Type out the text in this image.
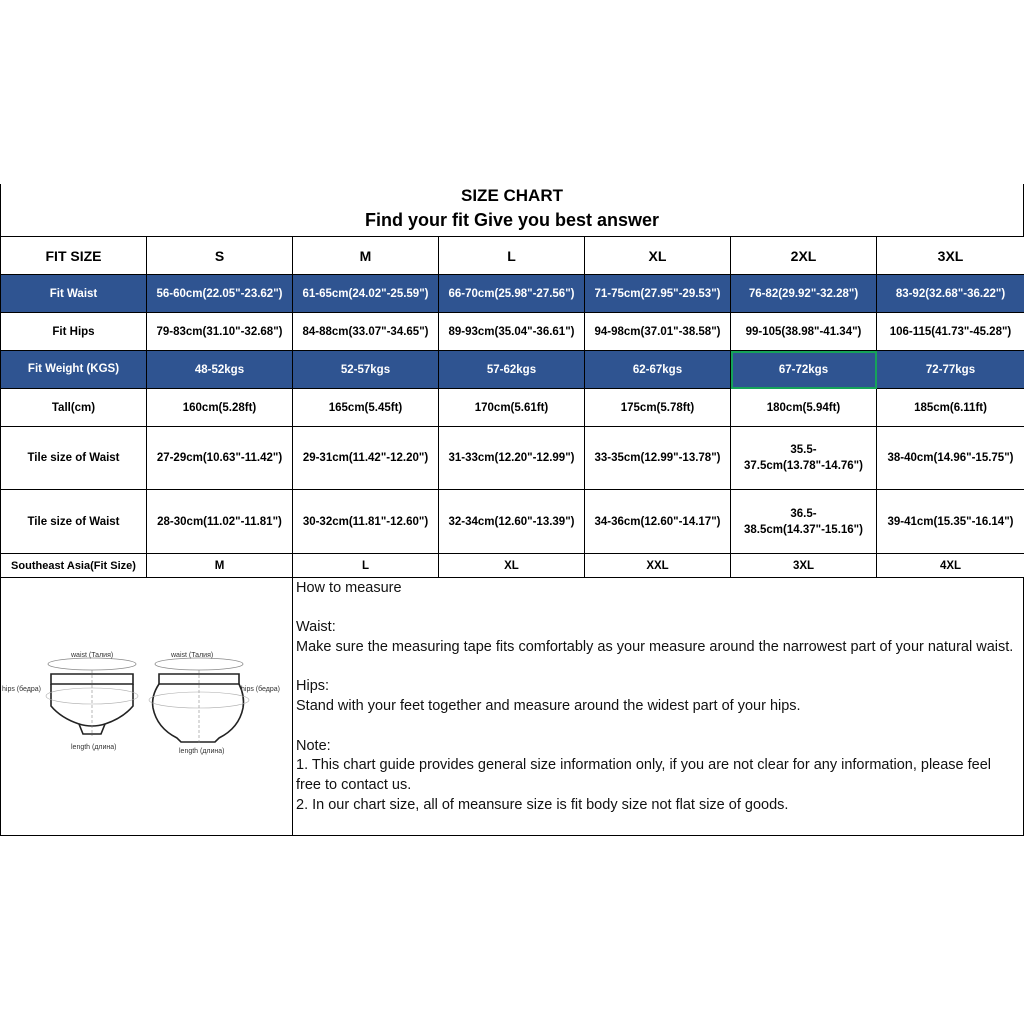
SIZE CHART
Find your fit Give you best answer
FIT SIZE	S	M	L	XL	2XL	3XL
Fit Waist	56-60cm(22.05"-23.62")	61-65cm(24.02"-25.59")	66-70cm(25.98"-27.56")	71-75cm(27.95"-29.53")	76-82(29.92"-32.28")	83-92(32.68"-36.22")
Fit Hips	79-83cm(31.10"-32.68")	84-88cm(33.07"-34.65")	89-93cm(35.04"-36.61")	94-98cm(37.01"-38.58")	99-105(38.98"-41.34")	106-115(41.73"-45.28")
Fit Weight (KGS)	48-52kgs	52-57kgs	57-62kgs	62-67kgs	67-72kgs	72-77kgs
Tall(cm)	160cm(5.28ft)	165cm(5.45ft)	170cm(5.61ft)	175cm(5.78ft)	180cm(5.94ft)	185cm(6.11ft)
Tile size of Waist	27-29cm(10.63"-11.42")	29-31cm(11.42"-12.20")	31-33cm(12.20"-12.99")	33-35cm(12.99"-13.78")	35.5-37.5cm(13.78"-14.76")	38-40cm(14.96"-15.75")
Tile size of Waist	28-30cm(11.02"-11.81")	30-32cm(11.81"-12.60")	32-34cm(12.60"-13.39")	34-36cm(12.60"-14.17")	36.5-38.5cm(14.37"-15.16")	39-41cm(15.35"-16.14")
Southeast Asia(Fit Size)	M	L	XL	XXL	3XL	4XL
waist (Талия)	waist (Талия)
hips (бедра)	hips (бедра)
length (длина)
length (длина)

How to measure

Waist:

Make sure the measuring tape fits comfortably as your measure around the narrowest part of your natural waist.

Hips:

Stand with your feet together and measure around the widest part of your hips.

Note:

1. This chart guide provides general size information only, if you are not clear for any information, please feel free to contact us.

2. In our chart size, all of meansure size is fit body size not flat size of goods.
